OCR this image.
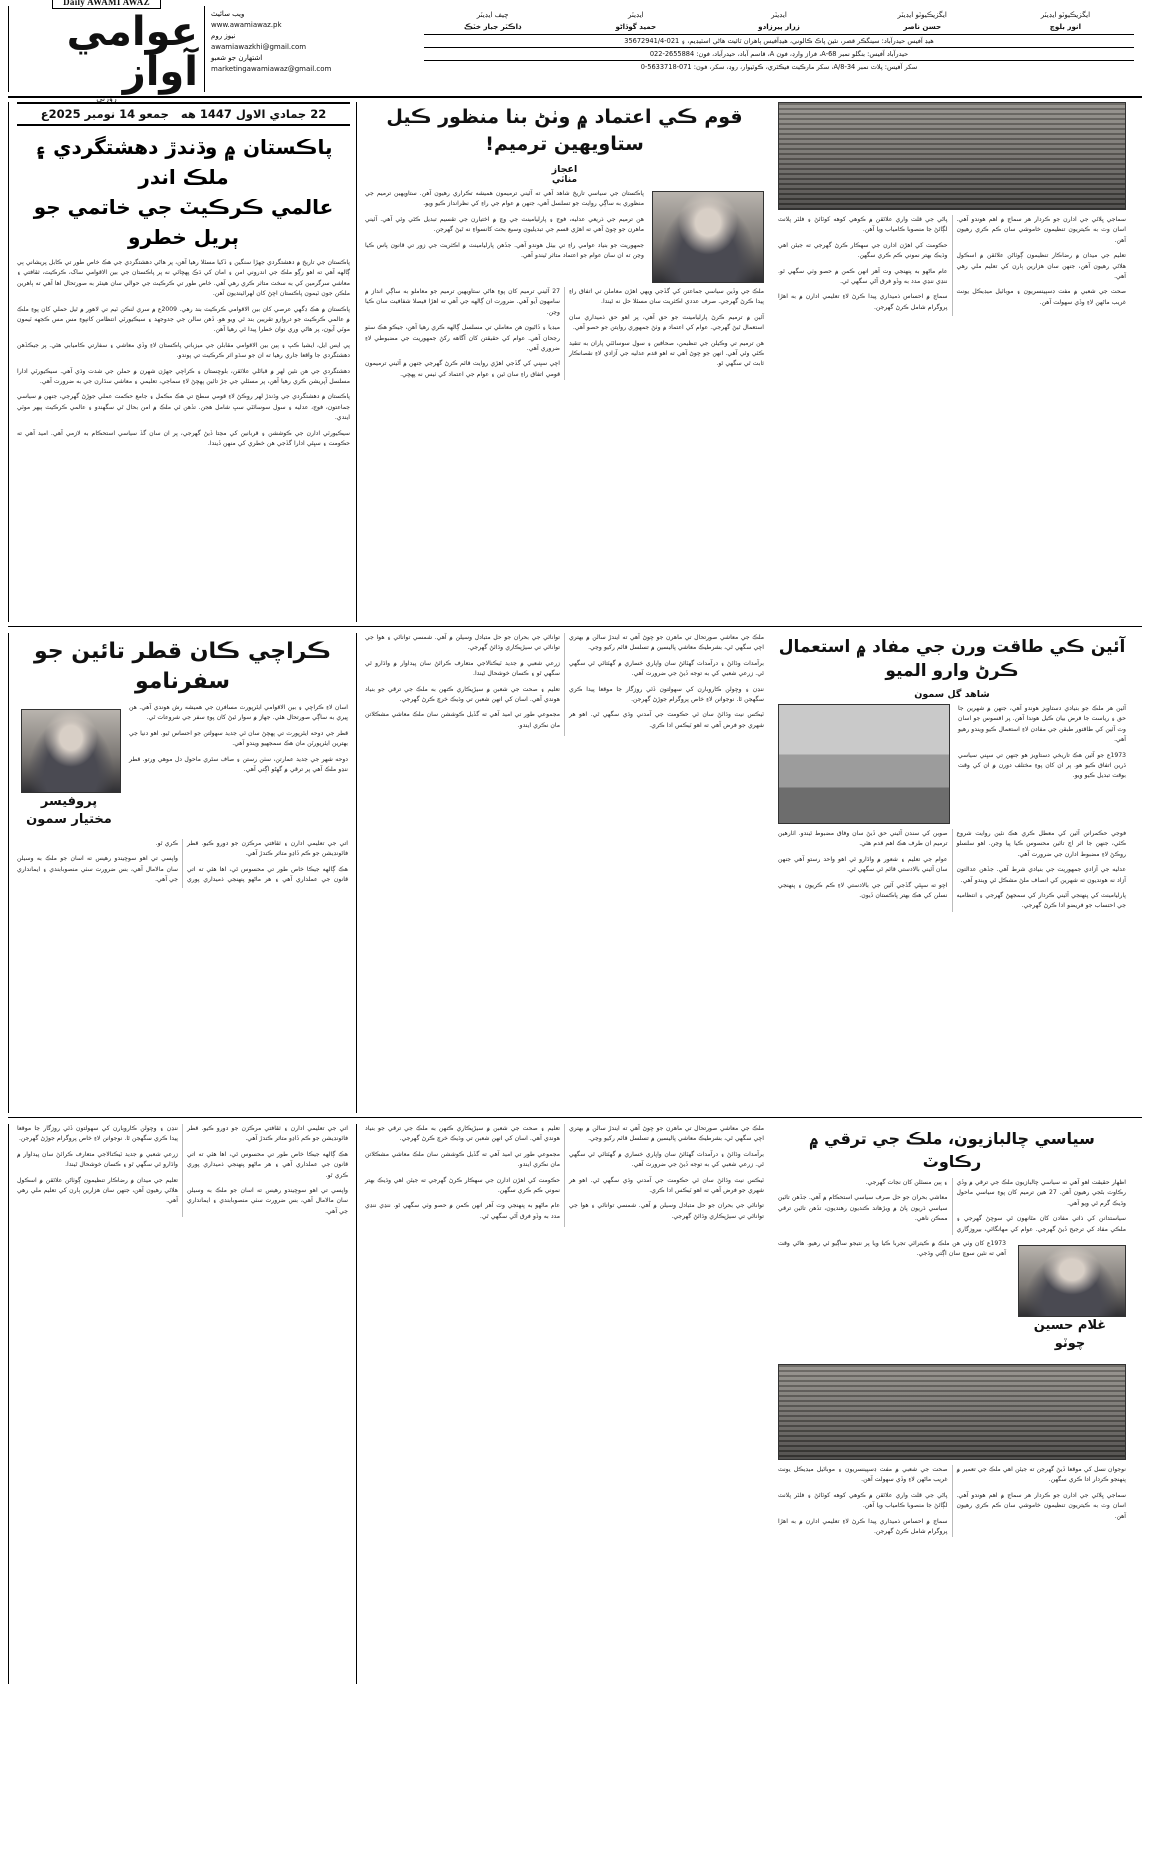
Daily AWAMI AWAZ
عوامي آواز
روزني
ويب سائيٽ
www.awamiawaz.pk
نيوز روم
awamiawazkhi@gmail.com
اشتهارن جو شعبو
marketingawamiawaz@gmail.com
چيف ايڊيٽر
ڊاڪٽر جبار خٽڪ
ايڊيٽر
حميد گوڏاڻو
ايڊيٽر
زرار پيرزادو
ايگزيڪيوٽو ايڊيٽر
حسن ناصر
ايگزيڪيوٽو ايڊيٽر
انور بلوچ
هيڊ آفيس حيدرآباد: سينگڪر قصر، نئين پاڪ ڪالوني، هيڊآفيس ٻاهران ٽائيٽ هاڻي اسٽيڊيم، ۽ 021-35672941/4
حيدرآباد آفيس: بنگلو نمبر 68-A، فراز وارڊ، فون A، قاسم آباد، حيدرآباد، فون: 2655884-022
سکر آفيس: پلاٽ نمبر A/8-34، سکر مارڪيٽ فيڪٽري، ڪوٽيوار، روڊ، سکر، فون: 071-5633718-0
جمعو 14 نومبر 2025ع 22 جمادي الاول 1447 هه
پاڪستان ۾ وڌندڙ دهشتگردي ۽ ملڪ اندر
عالمي ڪرڪيٽ جي خاتمي جو ٻريل خطرو

پاڪستان جي تاريخ ۾ دهشتگردي جهڙا سنگين ۽ ڏکيا مسئلا رهيا آهن، پر هاڻي دهشتگردي جي هڪ خاص طور تي ڪابل پريشاني ٻي ڳالهه آهي ته اهو رڳو ملڪ جي اندروني امن ۽ امان کي ڌڪ پهچائي نه پر پاڪستان جي بين الاقوامي ساک، ڪرڪيٽ، ثقافتي ۽ معاشي سرگرمين کي به سخت متاثر ڪري رهي آهي. خاص طور تي ڪرڪيٽ جي حوالي سان هينئر به صورتحال اها آهي ته ٻاهرين ملڪن جون ٽيمون پاڪستان اچڻ کان لهرائينديون آهن.

پاڪستان ۾ هڪ ڊگهي عرصي کان بين الاقوامي ڪرڪيٽ بند رهي. 2009ع ۾ سري لنڪن ٽيم تي لاهور ۾ ٿيل حملي کان پوءِ ملڪ ۾ عالمي ڪرڪيٽ جو دروازو تقريبن بند ٿي ويو هو. ڏهن سالن جي جدوجهد ۽ سيڪيورٽي انتظامن کانپوءِ مس مس ڪجهه ٽيمون موٽي آيون، پر هاڻي وري نوان خطرا پيدا ٿي رهيا آهن.

پي ايس ايل، ايشيا ڪپ ۽ ٻين بين الاقوامي مقابلن جي ميزباني پاڪستان لاءِ وڏي معاشي ۽ سفارتي ڪاميابي هئي. پر جيڪڏهن دهشتگردي جا واقعا جاري رهيا ته ان جو سڌو اثر ڪرڪيٽ تي پوندو.

دهشتگردي جي هن نئين لهر ۾ قبائلي علائقن، بلوچستان ۽ ڪراچي جهڙن شهرن ۾ حملن جي شدت وڌي آهي. سيڪيورٽي ادارا مسلسل آپريشن ڪري رهيا آهن، پر مسئلي جي جڙ تائين پهچڻ لاءِ سماجي، تعليمي ۽ معاشي سڌارن جي به ضرورت آهي.

پاڪستان ۾ دهشتگردي جي وڌندڙ لهر روڪڻ لاءِ قومي سطح تي هڪ مڪمل ۽ جامع حڪمت عملي جوڙڻ گهرجي، جنهن ۾ سياسي جماعتون، فوج، عدليه ۽ سول سوسائٽي سڀ شامل هجن. تڏهن ئي ملڪ ۾ امن بحال ٿي سگهندو ۽ عالمي ڪرڪيٽ ٻيهر موٽي ايندي.

سيڪيورٽي ادارن جي ڪوششن ۽ قربانين کي مڃتا ڏيڻ گهرجي، پر ان سان گڏ سياسي استحڪام به لازمي آهي. اميد آهي ته حڪومت ۽ سڀئي ادارا گڏجي هن خطري کي منهن ڏيندا.

قوم ڪي اعتماد ۾ وٺڻ بنا منظور ڪيل ستاويهين ترميم!
اعجاز
مناٽي

پاڪستان جي سياسي تاريخ شاهد آهي ته آئيني ترميمون هميشه تڪراري رهيون آهن. ستاويهين ترميم جي منظوري به ساڳي روايت جو تسلسل آهي، جنهن ۾ عوام جي راءِ کي نظرانداز ڪيو ويو.

هن ترميم جي ذريعي عدليه، فوج ۽ پارليامينٽ جي وچ ۾ اختيارن جي تقسيم تبديل ڪئي وئي آهي. آئيني ماهرن جو چوڻ آهي ته اهڙي قسم جي تبديليون وسيع بحث کانسواءِ نه ٿيڻ گهرجن.

جمهوريت جو بنياد عوامي راءِ تي بيٺل هوندو آهي. جڏهن پارليامينٽ ۾ اڪثريت جي زور تي قانون پاس ڪيا وڃن ته ان سان عوام جو اعتماد متاثر ٿيندو آهي.

ملڪ جي وڏين سياسي جماعتن کي گڏجي ويهي اهڙن معاملن تي اتفاق راءِ پيدا ڪرڻ گهرجي. صرف عددي اڪثريت سان مسئلا حل نه ٿيندا.

آئين ۾ ترميم ڪرڻ پارليامينٽ جو حق آهي، پر اهو حق ذميداري سان استعمال ٿيڻ گهرجي. عوام کي اعتماد ۾ وٺڻ جمهوري روايتن جو حصو آهي.

هن ترميم تي وڪيلن جي تنظيمن، صحافين ۽ سول سوسائٽي پاران به تنقيد ڪئي وئي آهي. انهن جو چوڻ آهي ته اهو قدم عدليه جي آزادي لاءِ نقصانڪار ثابت ٿي سگهي ٿو.

27 آئيني ترميم کان پوءِ هاڻي ستاويهين ترميم جو معاملو به ساڳي انداز ۾ سامهون آيو آهي. ضرورت ان ڳالهه جي آهي ته اهڙا فيصلا شفافيت سان ڪيا وڃن.

ميڊيا ۽ ڏاڻيون هن معاملي تي مسلسل ڳالهه ڪري رهيا آهن، جيڪو هڪ سٺو رجحان آهي. عوام کي حقيقتن کان آگاهه رکڻ جمهوريت جي مضبوطي لاءِ ضروري آهي.

اچي سڀني کي گڏجي اهڙي روايت قائم ڪرڻ گهرجي جنهن ۾ آئيني ترميمون قومي اتفاق راءِ سان ٿين ۽ عوام جي اعتماد کي ٺيس نه پهچي.

سماجي ڀلائي جي ادارن جو ڪردار هر سماج ۾ اهم هوندو آهي. اسان وٽ به ڪيتريون تنظيمون خاموشي سان ڪم ڪري رهيون آهن.

تعليم جي ميدان ۾ رضاڪار تنظيمون ڳوٺاڻن علائقن ۾ اسڪول هلائي رهيون آهن، جنهن سان هزارين ٻارن کي تعليم ملي رهي آهي.

صحت جي شعبي ۾ مفت ڊسپينسريون ۽ موبائيل ميڊيڪل يونٽ غريب ماڻهن لاءِ وڏي سهولت آهن.

پاڻي جي قلت واري علائقن ۾ ڪوهي کوهه کوٽائڻ ۽ فلٽر پلانٽ لڳائڻ جا منصوبا ڪامياب ويا آهن.

حڪومت کي اهڙن ادارن جي سهڪار ڪرڻ گهرجي ته جيئن اهي وڌيڪ بهتر نموني ڪم ڪري سگهن.

عام ماڻهو به پنهنجي وت آهر انهن ڪمن ۾ حصو وٺي سگهي ٿو. ننڍي ننڍي مدد به وڏو فرق آڻي سگهي ٿي.

سماج ۾ احساس ذميداري پيدا ڪرڻ لاءِ تعليمي ادارن ۾ به اهڙا پروگرام شامل ڪرڻ گهرجن.

ڪراچي ڪان قطر تائين جو سفرنامو
پروفيسر
مختيار سمون

اسان لاءِ ڪراچي ۽ بين الاقوامي ايئرپورٽ مسافرن جي هميشه رش هوندي آهي. هن ڀيري به ساڳي صورتحال هئي. جهاز ۾ سوار ٿيڻ کان پوءِ سفر جي شروعات ٿي.

قطر جي دوحه ايئرپورٽ تي پهچڻ سان ئي جديد سهولتن جو احساس ٿيو. اهو دنيا جي بهترين ايئرپورٽن مان هڪ سمجهيو ويندو آهي.

دوحه شهر جي جديد عمارتن، سٺن رستن ۽ صاف سٿري ماحول دل موهي ورتو. قطر ننڍو ملڪ آهي پر ترقي ۾ گهڻو اڳتي آهي.

اتي جي تعليمي ادارن ۽ ثقافتي مرڪزن جو دورو ڪيو. قطر فائونڊيشن جو ڪم ڏاڍو متاثر ڪندڙ آهي.

هڪ ڳالهه جيڪا خاص طور تي محسوس ٿي، اها هئي ته اتي قانون جي عملداري آهي ۽ هر ماڻهو پنهنجي ذميداري پوري ڪري ٿو.

واپسي تي اهو سوچيندو رهيس ته اسان جو ملڪ به وسيلن سان مالامال آهي، بس ضرورت سٺي منصوبابندي ۽ ايمانداري جي آهي.

ملڪ جي معاشي صورتحال تي ماهرن جو چوڻ آهي ته ايندڙ سالن ۾ بهتري اچي سگهي ٿي، بشرطيڪ معاشي پاليسين ۾ تسلسل قائم رکيو وڃي.

برآمدات وڌائڻ ۽ درآمدات گهٽائڻ سان واپاري خساري ۾ گهٽتائي ٿي سگهي ٿي. زرعي شعبي کي به توجه ڏيڻ جي ضرورت آهي.

ننڍن ۽ وچولن ڪاروبارن کي سهولتون ڏئي روزگار جا موقعا پيدا ڪري سگهجن ٿا. نوجوانن لاءِ خاص پروگرام جوڙڻ گهرجن.

ٽيڪس نيٽ وڌائڻ سان ئي حڪومت جي آمدني وڌي سگهي ٿي. اهو هر شهري جو فرض آهي ته اهو ٽيڪس ادا ڪري.

توانائي جي بحران جو حل متبادل وسيلن ۾ آهي. شمسي توانائي ۽ هوا جي توانائي تي سيڙپڪاري وڌائڻ گهرجي.

زرعي شعبي ۾ جديد ٽيڪنالاجي متعارف ڪرائڻ سان پيداوار ۾ واڌارو ٿي سگهي ٿو ۽ ڪسان خوشحال ٿيندا.

تعليم ۽ صحت جي شعبن ۾ سيڙپڪاري ڪنهن به ملڪ جي ترقي جو بنياد هوندي آهي. اسان کي انهن شعبن تي وڌيڪ خرچ ڪرڻ گهرجي.

مجموعي طور تي اميد آهي ته گڏيل ڪوششن سان ملڪ معاشي مشڪلاتن مان نڪري ايندو.

آئين ڪي طاقت ورن جي مفاد ۾ استعمال ڪرڻ وارو الميو
شاهد گل سمون

آئين هر ملڪ جو بنيادي دستاويز هوندو آهي، جنهن ۾ شهرين جا حق ۽ رياست جا فرض بيان ڪيل هوندا آهن. پر افسوس جو اسان وٽ آئين کي طاقتور طبقن جي مفادن لاءِ استعمال ڪيو ويندو رهيو آهي.

1973ع جو آئين هڪ تاريخي دستاويز هو جنهن تي سڀني سياسي ڌرين اتفاق ڪيو هو. پر ان کان پوءِ مختلف دورن ۾ ان کي وقت بوقت تبديل ڪيو ويو.

فوجي حڪمرانن آئين کي معطل ڪري هڪ نئين روايت شروع ڪئي، جنهن جا اثر اڄ تائين محسوس ڪيا پيا وڃن. اهو سلسلو روڪڻ لاءِ مضبوط ادارن جي ضرورت آهي.

عدليه جي آزادي جمهوريت جي بنيادي شرط آهي. جڏهن عدالتون آزاد نه هونديون ته شهرين کي انصاف ملڻ مشڪل ٿي ويندو آهي.

پارليامينٽ کي پنهنجي آئيني ڪردار کي سمجهڻ گهرجي ۽ انتظاميه جي احتساب جو فريضو ادا ڪرڻ گهرجي.

صوبن کي سندن آئيني حق ڏيڻ سان وفاق مضبوط ٿيندو. اٺارهين ترميم ان طرف هڪ اهم قدم هئي.

عوام جي تعليم ۽ شعور ۾ واڌارو ئي اهو واحد رستو آهي جنهن سان آئيني بالادستي قائم ٿي سگهي ٿي.

اچو ته سڀئي گڏجي آئين جي بالادستي لاءِ ڪم ڪريون ۽ پنهنجي نسلن کي هڪ بهتر پاڪستان ڏيون.

اتي جي تعليمي ادارن ۽ ثقافتي مرڪزن جو دورو ڪيو. قطر فائونڊيشن جو ڪم ڏاڍو متاثر ڪندڙ آهي.

هڪ ڳالهه جيڪا خاص طور تي محسوس ٿي، اها هئي ته اتي قانون جي عملداري آهي ۽ هر ماڻهو پنهنجي ذميداري پوري ڪري ٿو.

واپسي تي اهو سوچيندو رهيس ته اسان جو ملڪ به وسيلن سان مالامال آهي، بس ضرورت سٺي منصوبابندي ۽ ايمانداري جي آهي.

ننڍن ۽ وچولن ڪاروبارن کي سهولتون ڏئي روزگار جا موقعا پيدا ڪري سگهجن ٿا. نوجوانن لاءِ خاص پروگرام جوڙڻ گهرجن.

زرعي شعبي ۾ جديد ٽيڪنالاجي متعارف ڪرائڻ سان پيداوار ۾ واڌارو ٿي سگهي ٿو ۽ ڪسان خوشحال ٿيندا.

تعليم جي ميدان ۾ رضاڪار تنظيمون ڳوٺاڻن علائقن ۾ اسڪول هلائي رهيون آهن، جنهن سان هزارين ٻارن کي تعليم ملي رهي آهي.

ملڪ جي معاشي صورتحال تي ماهرن جو چوڻ آهي ته ايندڙ سالن ۾ بهتري اچي سگهي ٿي، بشرطيڪ معاشي پاليسين ۾ تسلسل قائم رکيو وڃي.

برآمدات وڌائڻ ۽ درآمدات گهٽائڻ سان واپاري خساري ۾ گهٽتائي ٿي سگهي ٿي. زرعي شعبي کي به توجه ڏيڻ جي ضرورت آهي.

ٽيڪس نيٽ وڌائڻ سان ئي حڪومت جي آمدني وڌي سگهي ٿي. اهو هر شهري جو فرض آهي ته اهو ٽيڪس ادا ڪري.

توانائي جي بحران جو حل متبادل وسيلن ۾ آهي. شمسي توانائي ۽ هوا جي توانائي تي سيڙپڪاري وڌائڻ گهرجي.

تعليم ۽ صحت جي شعبن ۾ سيڙپڪاري ڪنهن به ملڪ جي ترقي جو بنياد هوندي آهي. اسان کي انهن شعبن تي وڌيڪ خرچ ڪرڻ گهرجي.

مجموعي طور تي اميد آهي ته گڏيل ڪوششن سان ملڪ معاشي مشڪلاتن مان نڪري ايندو.

حڪومت کي اهڙن ادارن جي سهڪار ڪرڻ گهرجي ته جيئن اهي وڌيڪ بهتر نموني ڪم ڪري سگهن.

عام ماڻهو به پنهنجي وت آهر انهن ڪمن ۾ حصو وٺي سگهي ٿو. ننڍي ننڍي مدد به وڏو فرق آڻي سگهي ٿي.

سياسي چالبازيون، ملڪ جي ترقي ۾ رڪاوٽ

اظهار حقيقت اهو آهي ته سياسي چالبازيون ملڪ جي ترقي ۾ وڏي رڪاوٽ بڻجي رهيون آهن. 27 هين ترميم کان پوءِ سياسي ماحول وڌيڪ گرم ٿي ويو آهي.

سياستدانن کي ذاتي مفادن کان مٿانهون ٿي سوچڻ گهرجي ۽ ملڪي مفاد کي ترجيح ڏيڻ گهرجي. عوام کي مهانگائي، بيروزگاري ۽ ٻين مسئلن کان نجات گهرجي.

معاشي بحران جو حل صرف سياسي استحڪام ۾ آهي. جڏهن تائين سياسي ڌريون پاڻ ۾ ويڙهاند ڪنديون رهنديون، تڏهن تائين ترقي ممڪن ناهي.

1973ع کان وٺي هن ملڪ ۾ ڪيترائي تجربا ڪيا ويا پر نتيجو ساڳيو ئي رهيو. هاڻي وقت آهي ته نئين سوچ سان اڳتي وڌجي.

غلام حسين
چوٽو

نوجوان نسل کي موقعا ڏيڻ گهرجن ته جيئن اهي ملڪ جي تعمير ۾ پنهنجو ڪردار ادا ڪري سگهن.

سماجي ڀلائي جي ادارن جو ڪردار هر سماج ۾ اهم هوندو آهي. اسان وٽ به ڪيتريون تنظيمون خاموشي سان ڪم ڪري رهيون آهن.

صحت جي شعبي ۾ مفت ڊسپينسريون ۽ موبائيل ميڊيڪل يونٽ غريب ماڻهن لاءِ وڏي سهولت آهن.

پاڻي جي قلت واري علائقن ۾ ڪوهي کوهه کوٽائڻ ۽ فلٽر پلانٽ لڳائڻ جا منصوبا ڪامياب ويا آهن.

سماج ۾ احساس ذميداري پيدا ڪرڻ لاءِ تعليمي ادارن ۾ به اهڙا پروگرام شامل ڪرڻ گهرجن.
